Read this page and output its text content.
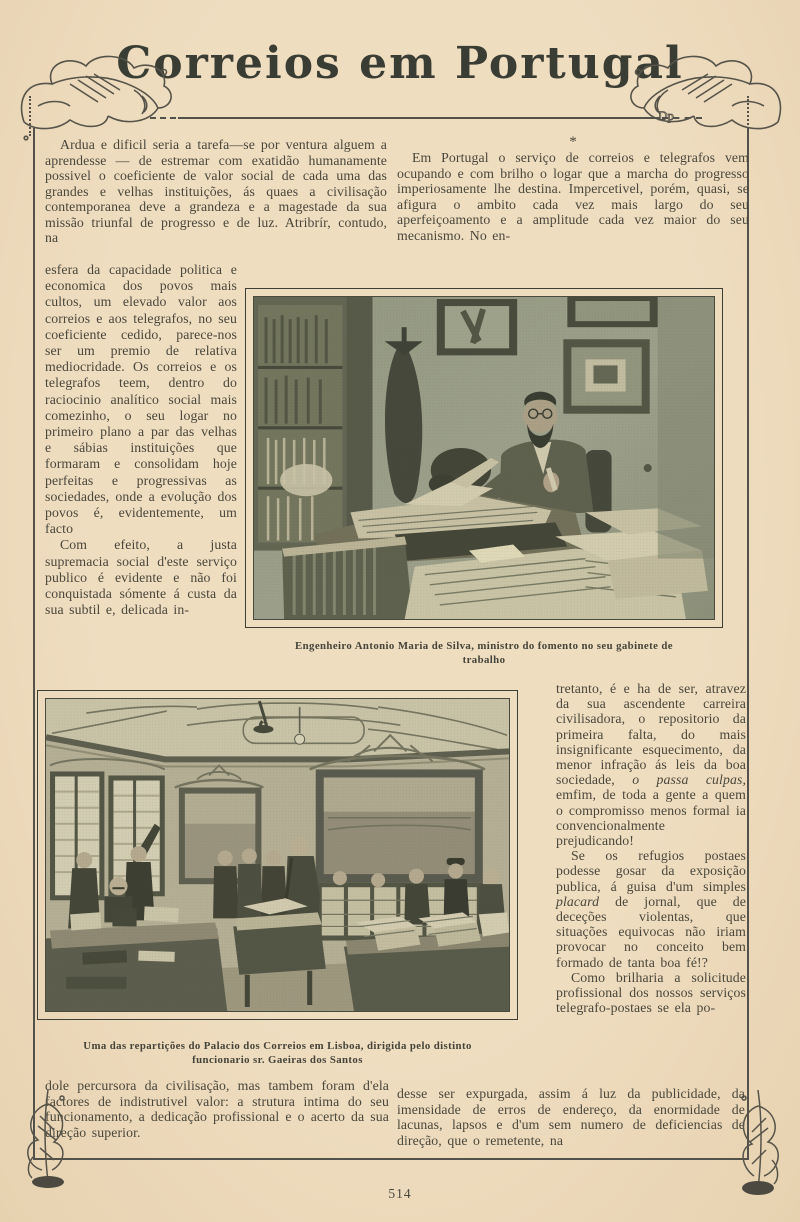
Correios em Portugal
Dp

Ardua e dificil seria a tarefa—se por ventura alguem a aprendesse — de estremar com exatidão humanamente possivel o coeficiente de valor social de cada uma das grandes e velhas instituições, ás quaes a civilisação contemporanea deve a grandeza e a magestade da sua missão triunfal de progresso e de luz. Atribrír, contudo, na

esfera da capacidade politica e economica dos povos mais cultos, um elevado valor aos correios e aos telegrafos, no seu coeficiente cedido, parece-nos ser um premio de relativa mediocridade. Os correios e os telegrafos teem, dentro do raciocinio analítico social mais comezinho, o seu logar no primeiro plano a par das velhas e sábias instituições que formaram e consolidam hoje perfeitas e progressivas as sociedades, onde a evolução dos povos é, evidentemente, um facto

Com efeito, a justa supremacia social d'este serviço publico é evidente e não foi conquistada sómente á custa da sua subtil e, delicada in-

*

Em Portugal o serviço de correios e telegrafos vem ocupando e com brilho o logar que a marcha do progresso imperiosamente lhe destina. Impercetivel, porém, quasi, se afigura o ambito cada vez mais largo do seu aperfeiçoamento e a amplitude cada vez maior do seu mecanismo. No en-

tretanto, é e ha de ser, atravez da sua ascendente carreira civilisadora, o repositorio da primeira falta, do mais insignificante esquecimento, da menor infração ás leis da boa sociedade, o passa culpas, emfim, de toda a gente a quem o compromisso menos formal ia convencionalmente prejudicando!

Se os refugios postaes podesse gosar da exposição publica, á guisa d'um simples placard de jornal, que de deceções violentas, que situações equivocas não iriam provocar no conceito bem formado de tanta boa fé!?

Como brilharia a solicitude profissional dos nossos serviços telegrafo-postaes se ela po-

dole percursora da civilisação, mas tambem foram d'ela factores de indistrutivel valor: a strutura intima do seu funcionamento, a dedicação profissional e o acerto da sua direção superior.

desse ser expurgada, assim á luz da publicidade, da imensidade de erros de endereço, da enormidade de lacunas, lapsos e d'um sem numero de deficiencias de direção, que o remetente, na

Engenheiro Antonio Maria de Silva, ministro do fomento no seu gabinete de trabalho
Uma das repartições do Palacio dos Correios em Lisboa, dirigida pelo distinto funcionario sr. Gaeiras dos Santos
514
